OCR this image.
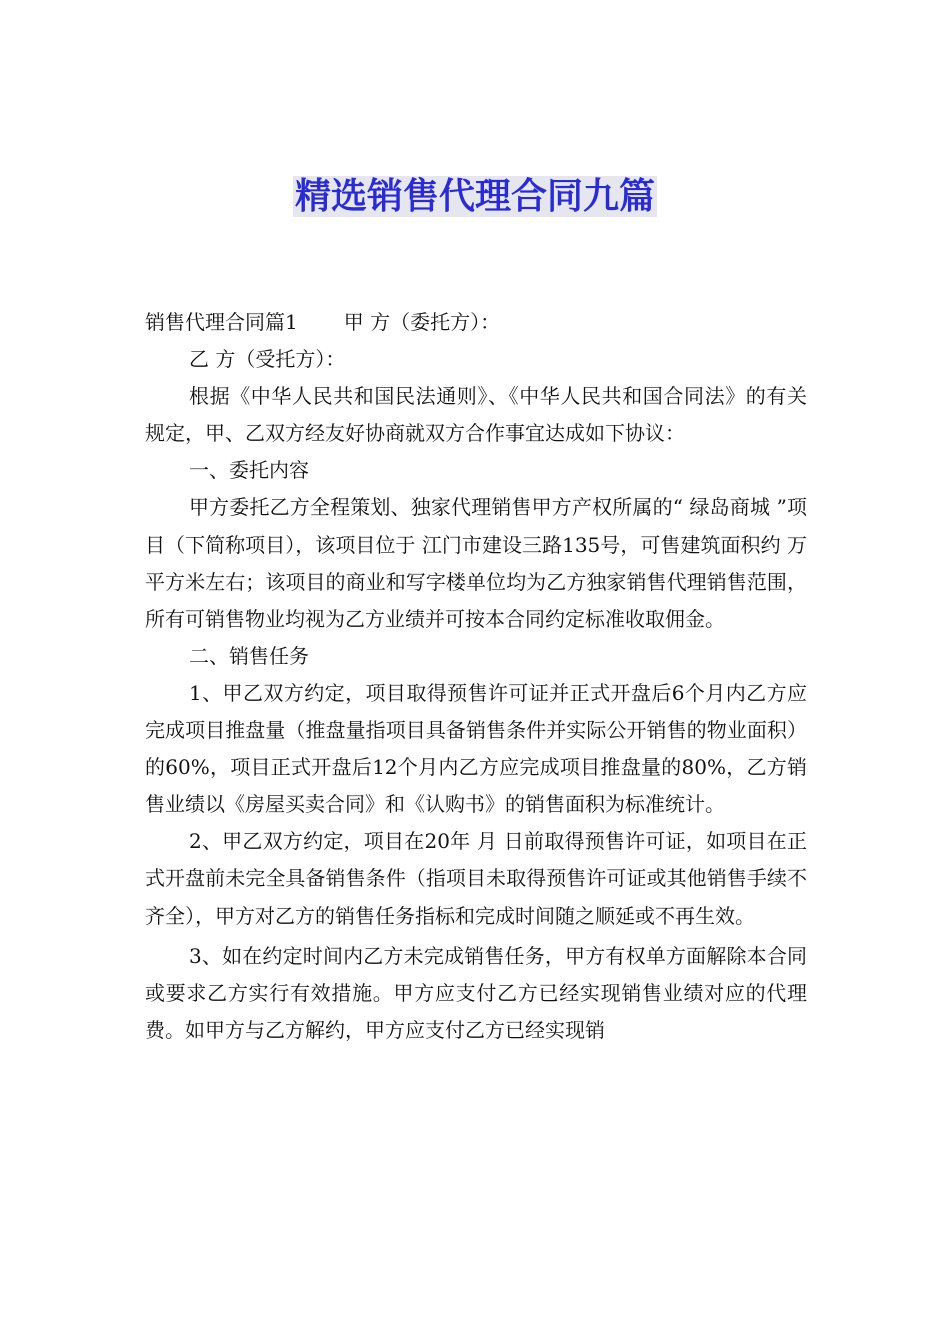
精选销售代理合同九篇

销售代理合同篇1 甲 方（委托方）：

乙 方（受托方）：

根据《中华人民共和国民法通则》、《中华人民共和国合同法》的有关规定，甲、乙双方经友好协商就双方合作事宜达成如下协议：

一、委托内容

甲方委托乙方全程策划、独家代理销售甲方产权所属的“ 绿岛商城 ”项目（下简称项目），该项目位于 江门市建设三路135号，可售建筑面积约 万平方米左右；该项目的商业和写字楼单位均为乙方独家销售代理销售范围，所有可销售物业均视为乙方业绩并可按本合同约定标准收取佣金。

二、销售任务

1、甲乙双方约定，项目取得预售许可证并正式开盘后6个月内乙方应完成项目推盘量（推盘量指项目具备销售条件并实际公开销售的物业面积）的60%，项目正式开盘后12个月内乙方应完成项目推盘量的80%，乙方销售业绩以《房屋买卖合同》和《认购书》的销售面积为标准统计。

2、甲乙双方约定，项目在20年 月 日前取得预售许可证，如项目在正式开盘前未完全具备销售条件（指项目未取得预售许可证或其他销售手续不齐全），甲方对乙方的销售任务指标和完成时间随之顺延或不再生效。

3、如在约定时间内乙方未完成销售任务，甲方有权单方面解除本合同或要求乙方实行有效措施。甲方应支付乙方已经实现销售业绩对应的代理费。如甲方与乙方解约，甲方应支付乙方已经实现销
